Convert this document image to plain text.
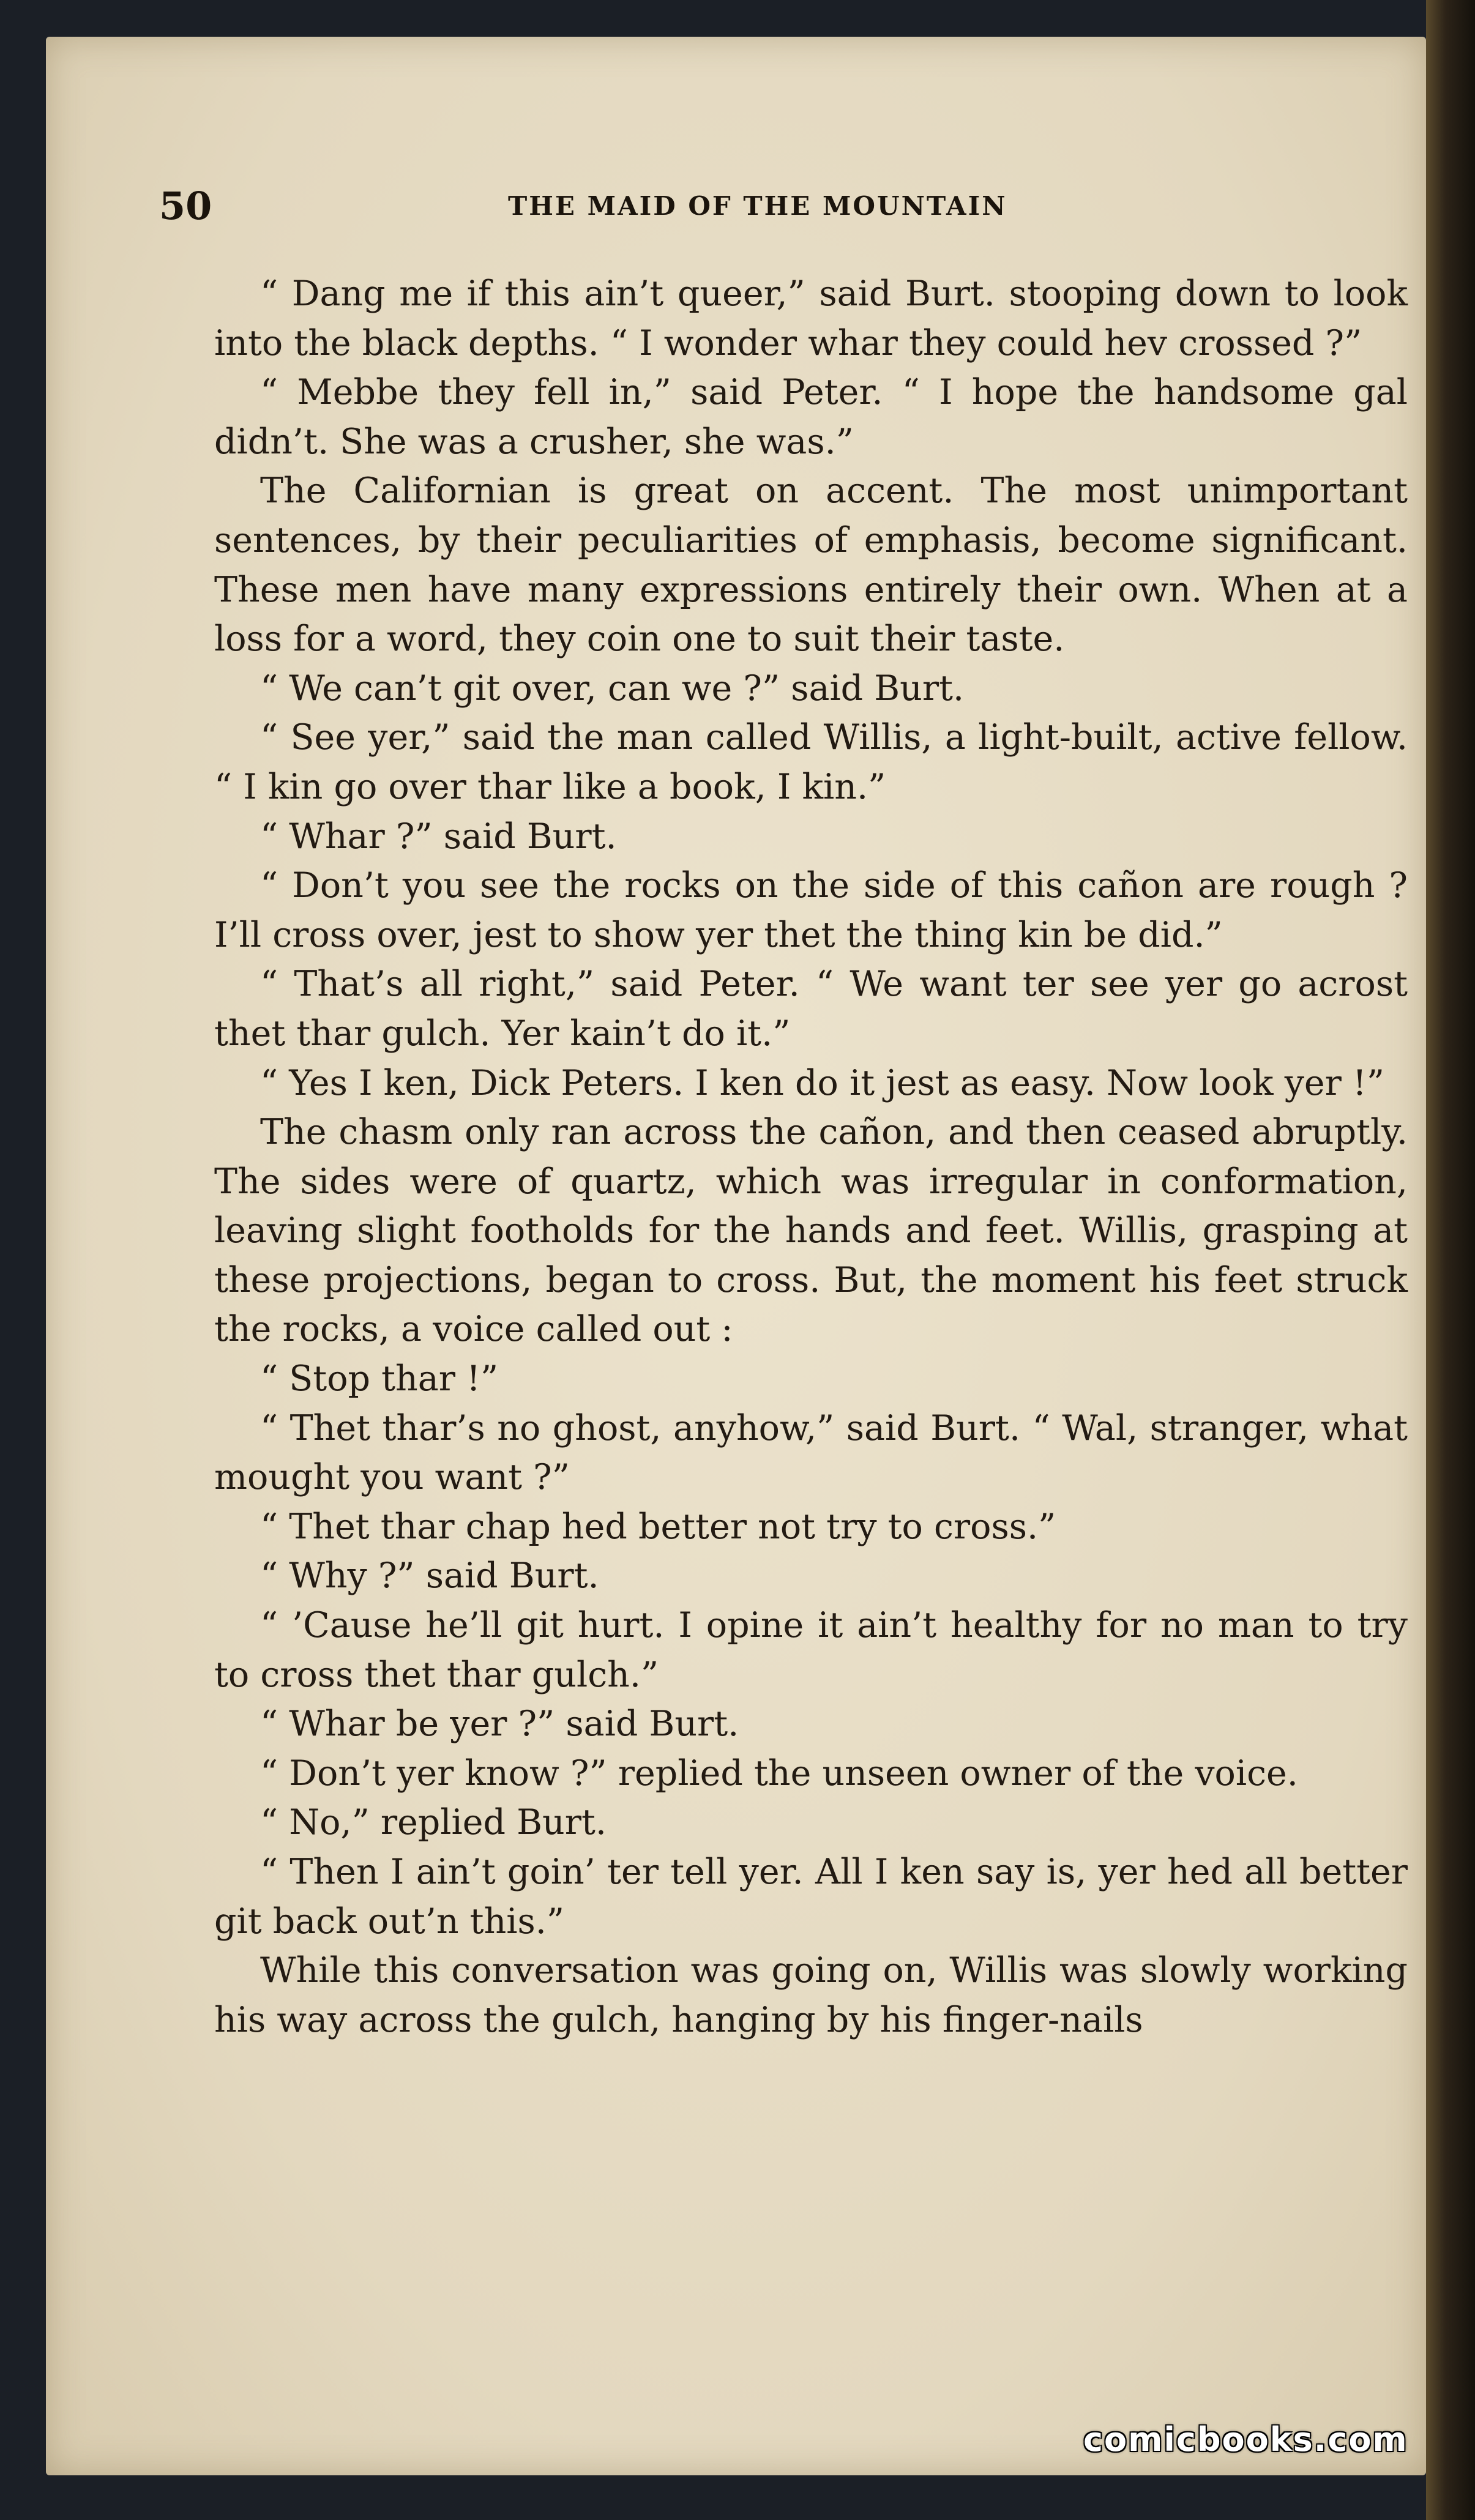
50	THE MAID OF THE MOUNTAIN

“ Dang me if this ain’t queer,” said Burt. stooping down to look into the black depths. “ I wonder whar they could hev crossed ?”

“ Mebbe they fell in,” said Peter. “ I hope the handsome gal didn’t. She was a crusher, she was.”

The Californian is great on accent. The most unimportant sentences, by their peculiarities of emphasis, become significant. These men have many expressions entirely their own. When at a loss for a word, they coin one to suit their taste.

“ We can’t git over, can we ?” said Burt.

“ See yer,” said the man called Willis, a light-built, active fellow. “ I kin go over thar like a book, I kin.”

“ Whar ?” said Burt.

“ Don’t you see the rocks on the side of this cañon are rough ? I’ll cross over, jest to show yer thet the thing kin be did.”

“ That’s all right,” said Peter. “ We want ter see yer go acrost thet thar gulch. Yer kain’t do it.”

“ Yes I ken, Dick Peters. I ken do it jest as easy. Now look yer !”

The chasm only ran across the cañon, and then ceased abruptly. The sides were of quartz, which was irregular in conformation, leaving slight footholds for the hands and feet. Willis, grasping at these projections, began to cross. But, the moment his feet struck the rocks, a voice called out :

“ Stop thar !”

“ Thet thar’s no ghost, anyhow,” said Burt. “ Wal, stranger, what mought you want ?”

“ Thet thar chap hed better not try to cross.”

“ Why ?” said Burt.

“ ’Cause he’ll git hurt. I opine it ain’t healthy for no man to try to cross thet thar gulch.”

“ Whar be yer ?” said Burt.

“ Don’t yer know ?” replied the unseen owner of the voice.

“ No,” replied Burt.

“ Then I ain’t goin’ ter tell yer. All I ken say is, yer hed all better git back out’n this.”

While this conversation was going on, Willis was slowly working his way across the gulch, hanging by his finger-nails

comicbooks.com
